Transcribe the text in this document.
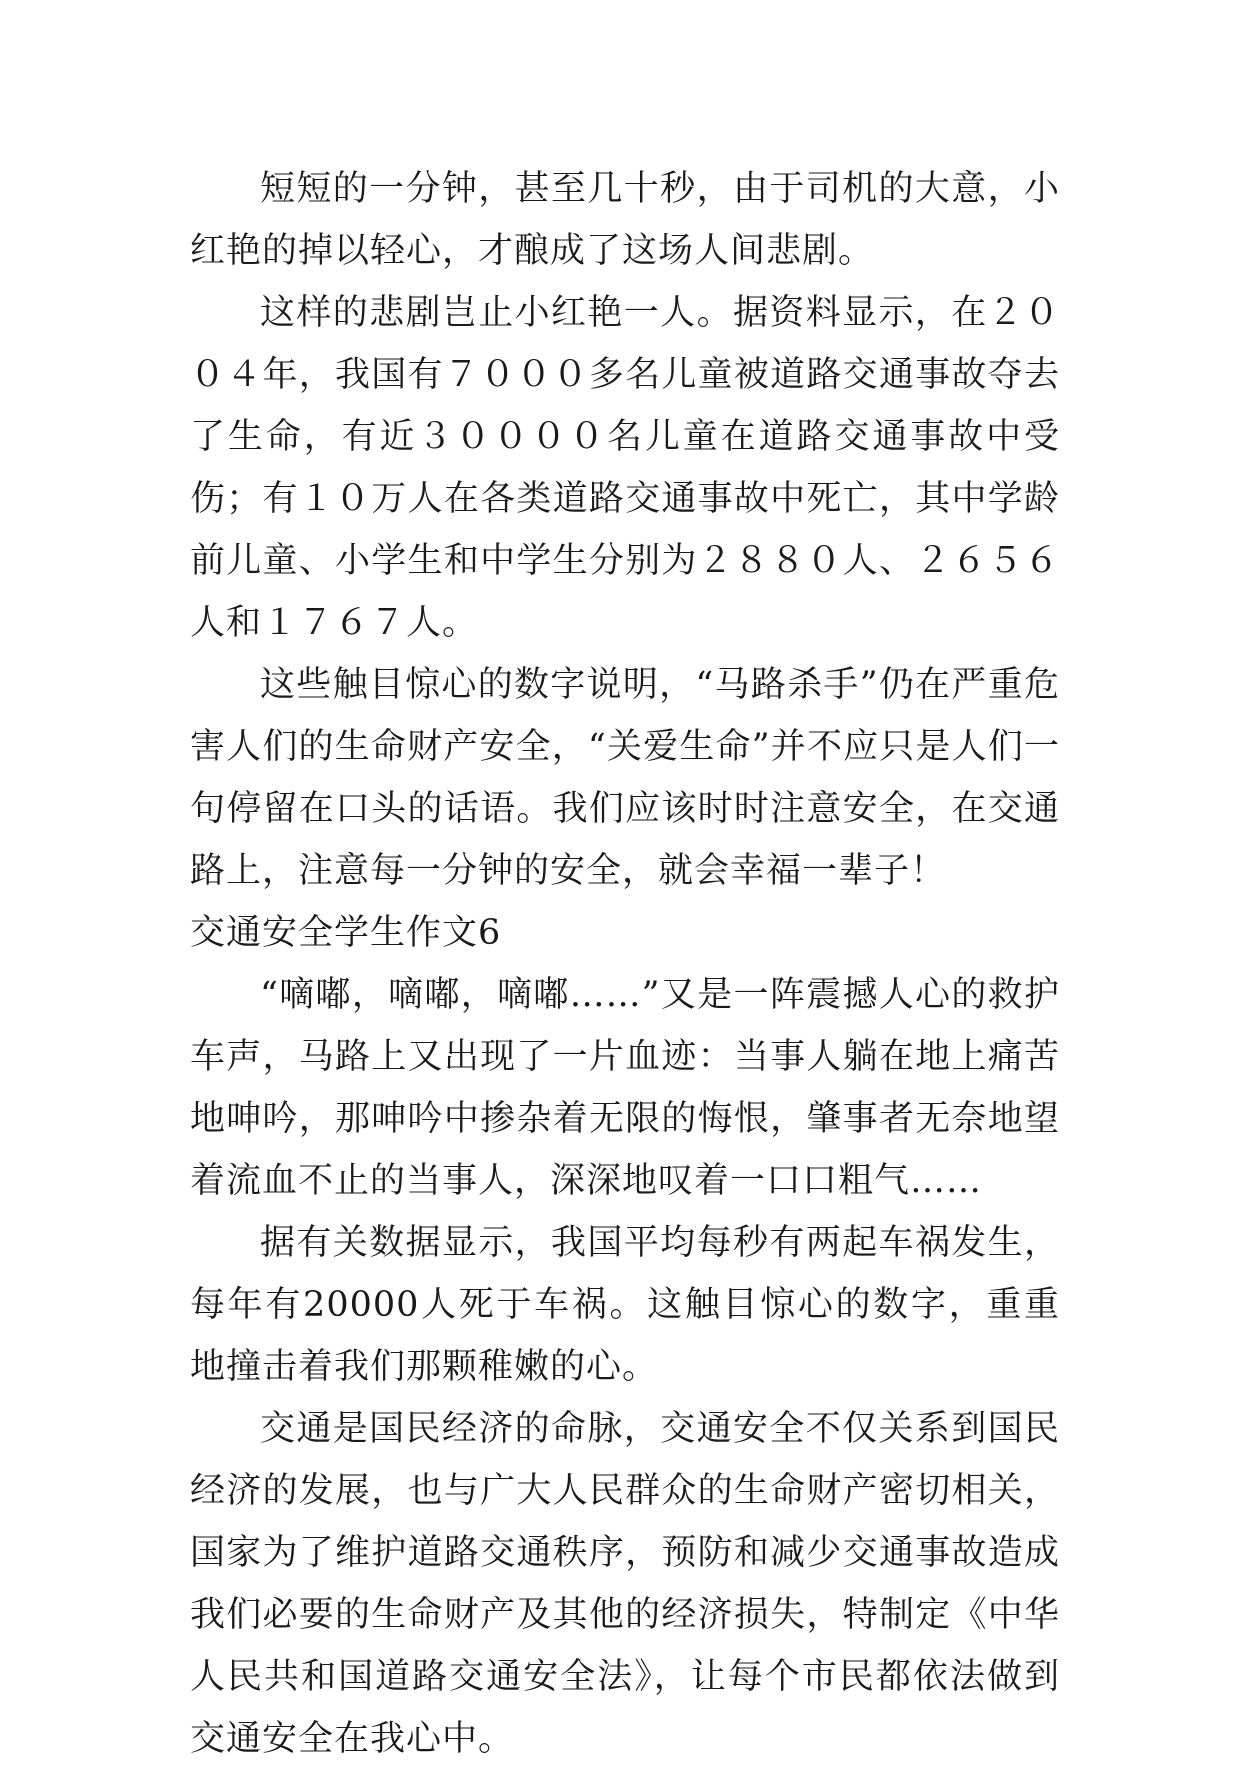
短短的一分钟，甚至几十秒，由于司机的大意，小红艳的掉以轻心，才酿成了这场人间悲剧。

这样的悲剧岂止小红艳一人。据资料显示，在２００４年，我国有７０００多名儿童被道路交通事故夺去了生命，有近３００００名儿童在道路交通事故中受伤；有１０万人在各类道路交通事故中死亡，其中学龄前儿童、小学生和中学生分别为２８８０人、２６５６人和１７６７人。

这些触目惊心的数字说明，“马路杀手”仍在严重危害人们的生命财产安全，“关爱生命”并不应只是人们一句停留在口头的话语。我们应该时时注意安全，在交通路上，注意每一分钟的安全，就会幸福一辈子！

交通安全学生作文6

“嘀嘟，嘀嘟，嘀嘟……”又是一阵震撼人心的救护车声，马路上又出现了一片血迹：当事人躺在地上痛苦地呻吟，那呻吟中掺杂着无限的悔恨，肇事者无奈地望着流血不止的当事人，深深地叹着一口口粗气……

据有关数据显示，我国平均每秒有两起车祸发生，每年有20000人死于车祸。这触目惊心的数字，重重地撞击着我们那颗稚嫩的心。

交通是国民经济的命脉，交通安全不仅关系到国民经济的发展，也与广大人民群众的生命财产密切相关，国家为了维护道路交通秩序，预防和减少交通事故造成我们必要的生命财产及其他的经济损失，特制定《中华人民共和国道路交通安全法》，让每个市民都依法做到交通安全在我心中。
